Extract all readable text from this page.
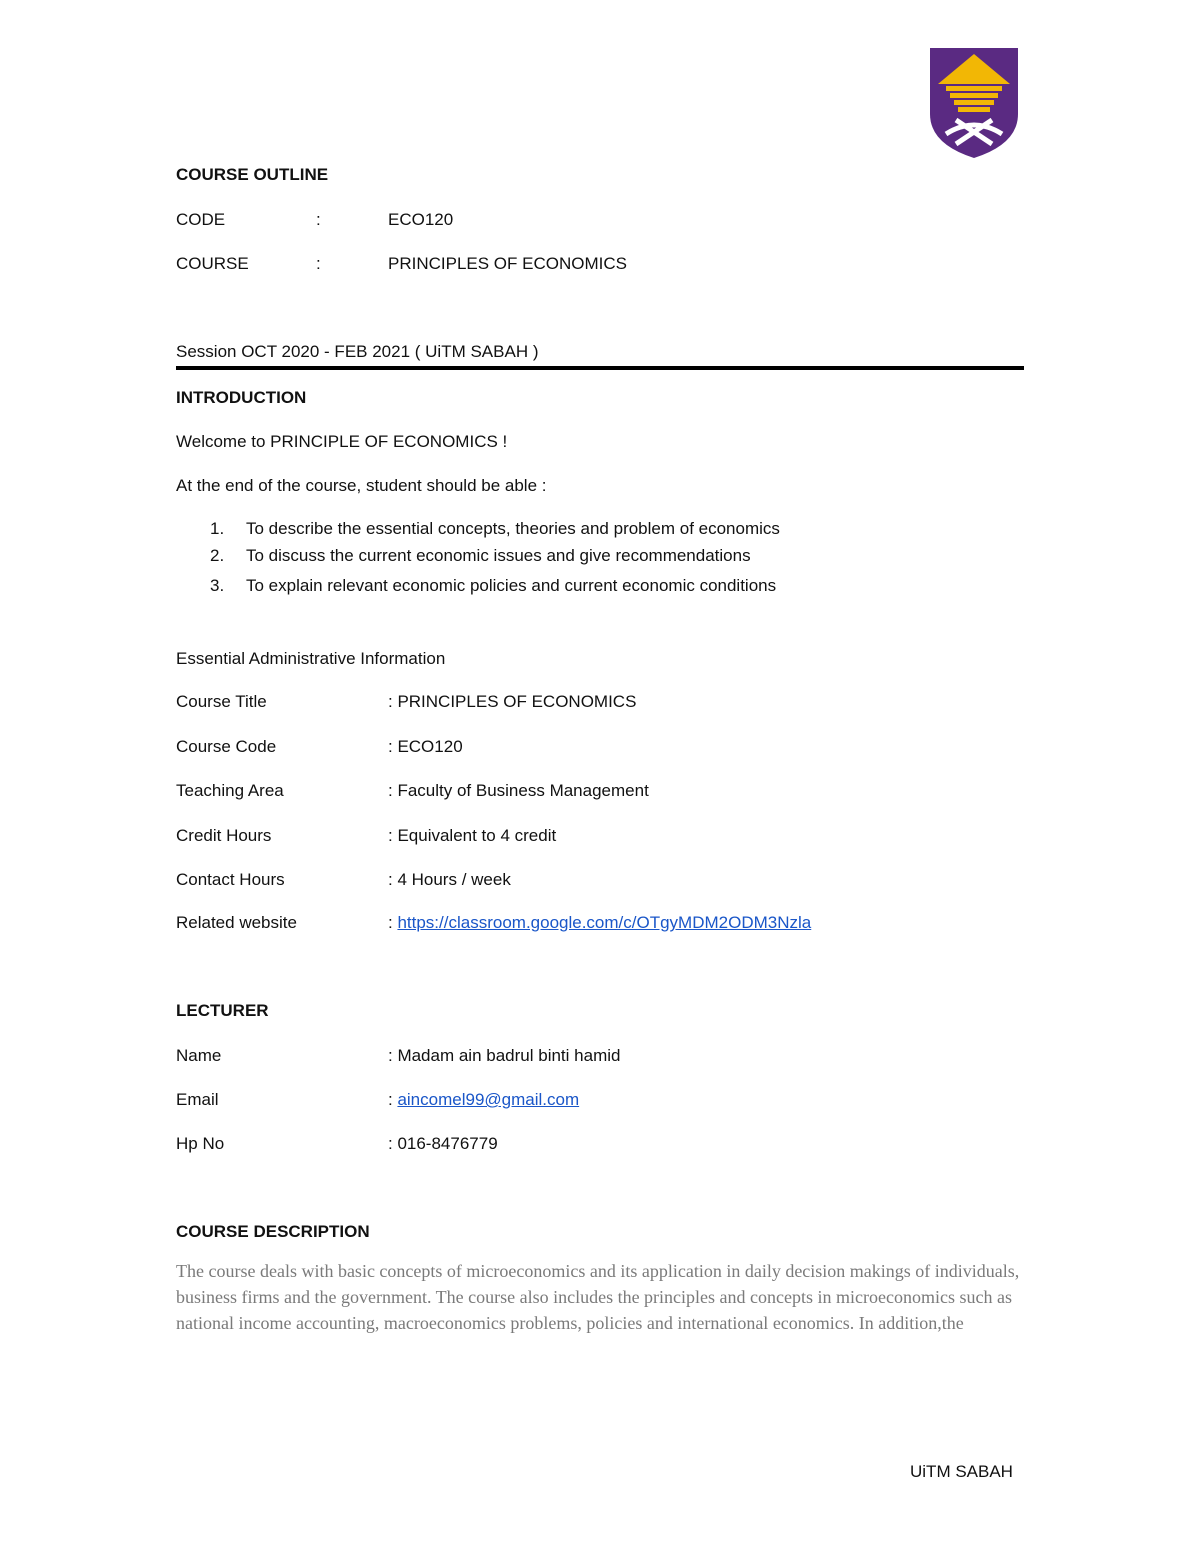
COURSE OUTLINE
CODE	:	ECO120
COURSE	:	PRINCIPLES OF ECONOMICS
Session OCT 2020 - FEB 2021 ( UiTM SABAH )
INTRODUCTION
Welcome to PRINCIPLE OF ECONOMICS !
At the end of the course, student should be able :
1. To describe the essential concepts, theories and problem of economics
2. To discuss the current economic issues and give recommendations
3. To explain relevant economic policies and current economic conditions
Essential Administrative Information
Course Title	: PRINCIPLES OF ECONOMICS
Course Code	: ECO120
Teaching Area	: Faculty of Business Management
Credit Hours	: Equivalent to 4 credit
Contact Hours	: 4 Hours / week
Related website	: https://classroom.google.com/c/OTgyMDM2ODM3Nzla
LECTURER
Name	: Madam ain badrul binti hamid
Email	: aincomel99@gmail.com
Hp No	: 016-8476779
COURSE DESCRIPTION
The course deals with basic concepts of microeconomics and its application in daily decision makings of individuals, business firms and the government. The course also includes the principles and concepts in microeconomics such as national income accounting, macroeconomics problems, policies and international economics. In addition,the
UiTM SABAH
